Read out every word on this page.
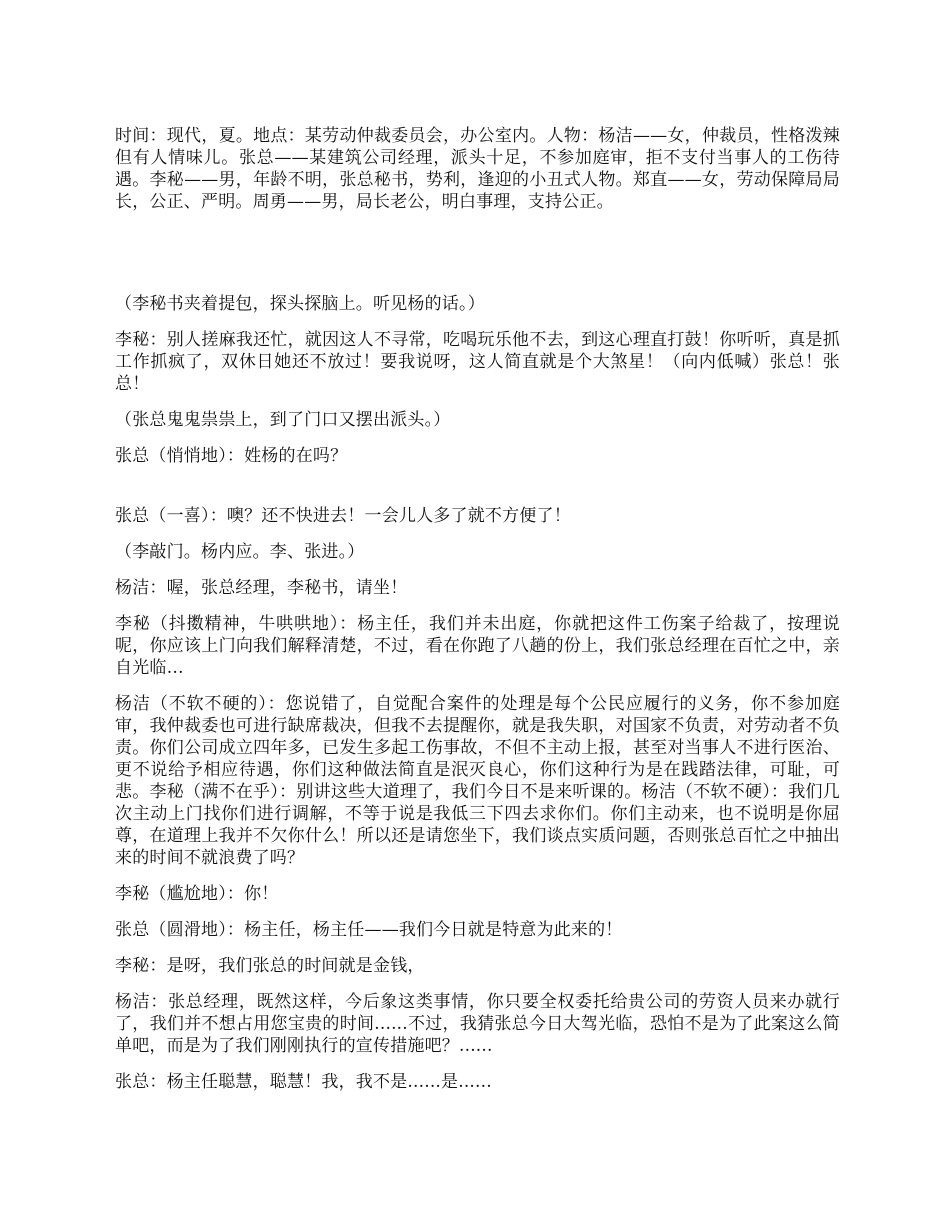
时间：现代，夏。地点：某劳动仲裁委员会，办公室内。人物：杨洁——女，仲裁员，性格泼辣但有人情味儿。张总——某建筑公司经理，派头十足，不参加庭审，拒不支付当事人的工伤待遇。李秘——男，年龄不明，张总秘书，势利，逢迎的小丑式人物。郑直——女，劳动保障局局长，公正、严明。周勇——男，局长老公，明白事理，支持公正。

（李秘书夹着提包，探头探脑上。听见杨的话。）

李秘：别人搓麻我还忙，就因这人不寻常，吃喝玩乐他不去，到这心理直打鼓！你听听，真是抓工作抓疯了，双休日她还不放过！要我说呀，这人简直就是个大煞星！（向内低喊）张总！张总！

（张总鬼鬼祟祟上，到了门口又摆出派头。）

张总（悄悄地）：姓杨的在吗？

张总（一喜）：噢？还不快进去！一会儿人多了就不方便了！

（李敲门。杨内应。李、张进。）

杨洁：喔，张总经理，李秘书，请坐！

李秘（抖擞精神，牛哄哄地）：杨主任，我们并未出庭，你就把这件工伤案子给裁了，按理说呢，你应该上门向我们解释清楚，不过，看在你跑了八趟的份上，我们张总经理在百忙之中，亲自光临…

杨洁（不软不硬的）：您说错了，自觉配合案件的处理是每个公民应履行的义务，你不参加庭审，我仲裁委也可进行缺席裁决，但我不去提醒你，就是我失职，对国家不负责，对劳动者不负责。你们公司成立四年多，已发生多起工伤事故，不但不主动上报，甚至对当事人不进行医治、更不说给予相应待遇，你们这种做法简直是泯灭良心，你们这种行为是在践踏法律，可耻，可悲。李秘（满不在乎）：别讲这些大道理了，我们今日不是来听课的。杨洁（不软不硬）：我们几次主动上门找你们进行调解，不等于说是我低三下四去求你们。你们主动来，也不说明是你屈尊，在道理上我并不欠你什么！所以还是请您坐下，我们谈点实质问题，否则张总百忙之中抽出来的时间不就浪费了吗？

李秘（尴尬地）：你！

张总（圆滑地）：杨主任，杨主任——我们今日就是特意为此来的！

李秘：是呀，我们张总的时间就是金钱，

杨洁：张总经理，既然这样，今后象这类事情，你只要全权委托给贵公司的劳资人员来办就行了，我们并不想占用您宝贵的时间......不过，我猜张总今日大驾光临，恐怕不是为了此案这么简单吧，而是为了我们刚刚执行的宣传措施吧？......

张总：杨主任聪慧，聪慧！我，我不是......是......
